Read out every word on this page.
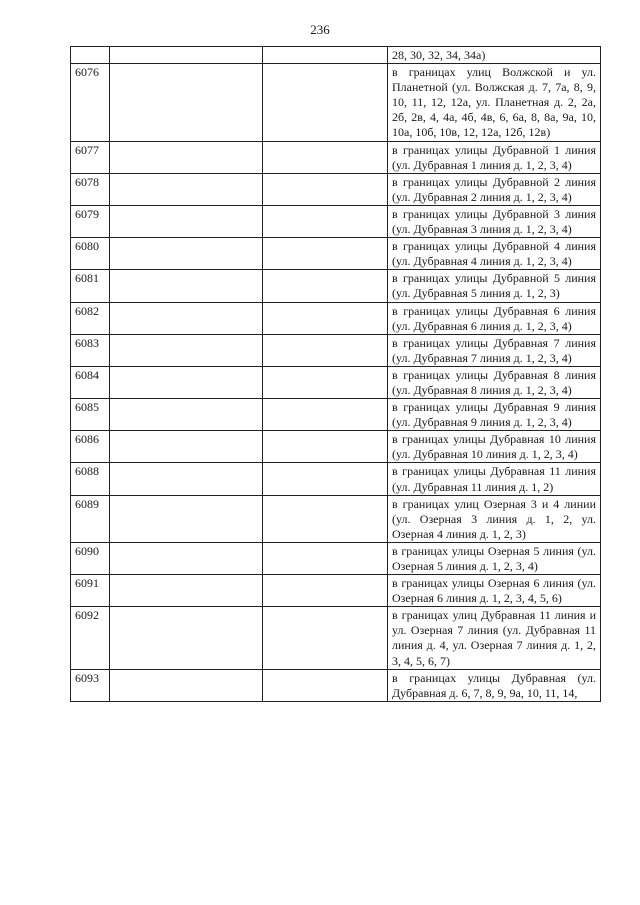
236
			28, 30, 32, 34, 34а)
6076			в границах улиц Волжской и ул. Планетной (ул. Волжская д. 7, 7а, 8, 9, 10, 11, 12, 12а, ул. Планетная д. 2, 2а, 2б, 2в, 4, 4а, 4б, 4в, 6, 6а, 8, 8а, 9а, 10, 10а, 10б, 10в, 12, 12а, 12б, 12в)
6077			в границах улицы Дубравной 1 линия (ул. Дубравная 1 линия д. 1, 2, 3, 4)
6078			в границах улицы Дубравной 2 линия (ул. Дубравная 2 линия д. 1, 2, 3, 4)
6079			в границах улицы Дубравной 3 линия (ул. Дубравная 3 линия д. 1, 2, 3, 4)
6080			в границах улицы Дубравной 4 линия (ул. Дубравная 4 линия д. 1, 2, 3, 4)
6081			в границах улицы Дубравной 5 линия (ул. Дубравная 5 линия д. 1, 2, 3)
6082			в границах улицы Дубравная 6 линия (ул. Дубравная 6 линия д. 1, 2, 3, 4)
6083			в границах улицы Дубравная 7 линия (ул. Дубравная 7 линия д. 1, 2, 3, 4)
6084			в границах улицы Дубравная 8 линия (ул. Дубравная 8 линия д. 1, 2, 3, 4)
6085			в границах улицы Дубравная 9 линия (ул. Дубравная 9 линия д. 1, 2, 3, 4)
6086			в границах улицы Дубравная 10 линия (ул. Дубравная 10 линия д. 1, 2, 3, 4)
6088			в границах улицы Дубравная 11 линия (ул. Дубравная 11 линия д. 1, 2)
6089			в границах улиц Озерная 3 и 4 линии (ул. Озерная 3 линия д. 1, 2, ул. Озерная 4 линия д. 1, 2, 3)
6090			в границах улицы Озерная 5 линия (ул. Озерная 5 линия д. 1, 2, 3, 4)
6091			в границах улицы Озерная 6 линия (ул. Озерная 6 линия д. 1, 2, 3, 4, 5, 6)
6092			в границах улиц Дубравная 11 линия и ул. Озерная 7 линия (ул. Дубравная 11 линия д. 4, ул. Озерная 7 линия д. 1, 2, 3, 4, 5, 6, 7)
6093			в границах улицы Дубравная (ул. Дубравная д. 6, 7, 8, 9, 9а, 10, 11, 14,
